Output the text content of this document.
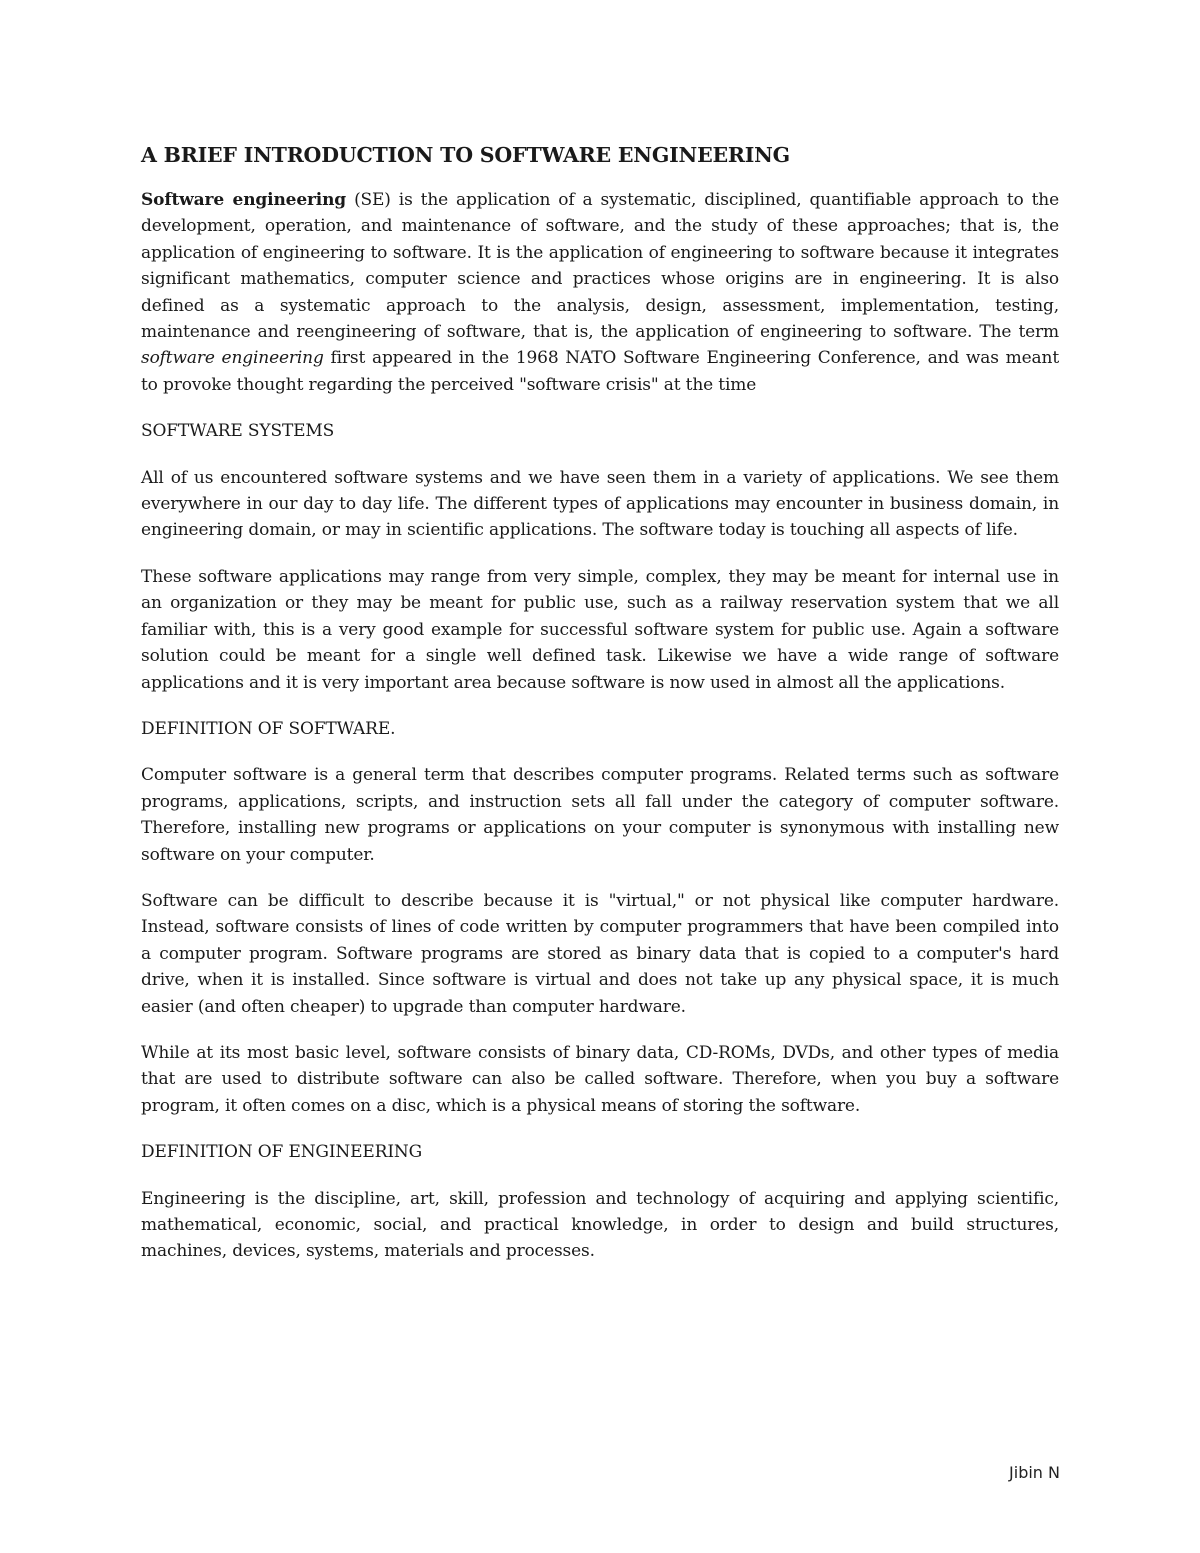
A BRIEF INTRODUCTION TO SOFTWARE ENGINEERING

Software engineering (SE) is the application of a systematic, disciplined, quantifiable approach to the development, operation, and maintenance of software, and the study of these approaches; that is, the application of engineering to software. It is the application of engineering to software because it integrates significant mathematics, computer science and practices whose origins are in engineering. It is also defined as a systematic approach to the analysis, design, assessment, implementation, testing, maintenance and reengineering of software, that is, the application of engineering to software. The term software engineering first appeared in the 1968 NATO Software Engineering Conference, and was meant to provoke thought regarding the perceived "software crisis" at the time

SOFTWARE SYSTEMS

All of us encountered software systems and we have seen them in a variety of applications. We see them everywhere in our day to day life. The different types of applications may encounter in business domain, in engineering domain, or may in scientific applications. The software today is touching all aspects of life.

These software applications may range from very simple, complex, they may be meant for internal use in an organization or they may be meant for public use, such as a railway reservation system that we all familiar with, this is a very good example for successful software system for public use. Again a software solution could be meant for a single well defined task. Likewise we have a wide range of software applications and it is very important area because software is now used in almost all the applications.

DEFINITION OF SOFTWARE.

Computer software is a general term that describes computer programs. Related terms such as software programs, applications, scripts, and instruction sets all fall under the category of computer software. Therefore, installing new programs or applications on your computer is synonymous with installing new software on your computer.

Software can be difficult to describe because it is "virtual," or not physical like computer hardware. Instead, software consists of lines of code written by computer programmers that have been compiled into a computer program. Software programs are stored as binary data that is copied to a computer's hard drive, when it is installed. Since software is virtual and does not take up any physical space, it is much easier (and often cheaper) to upgrade than computer hardware.

While at its most basic level, software consists of binary data, CD-ROMs, DVDs, and other types of media that are used to distribute software can also be called software. Therefore, when you buy a software program, it often comes on a disc, which is a physical means of storing the software.

DEFINITION OF ENGINEERING

Engineering is the discipline, art, skill, profession and technology of acquiring and applying scientific, mathematical, economic, social, and practical knowledge, in order to design and build structures, machines, devices, systems, materials and processes.

Jibin N
